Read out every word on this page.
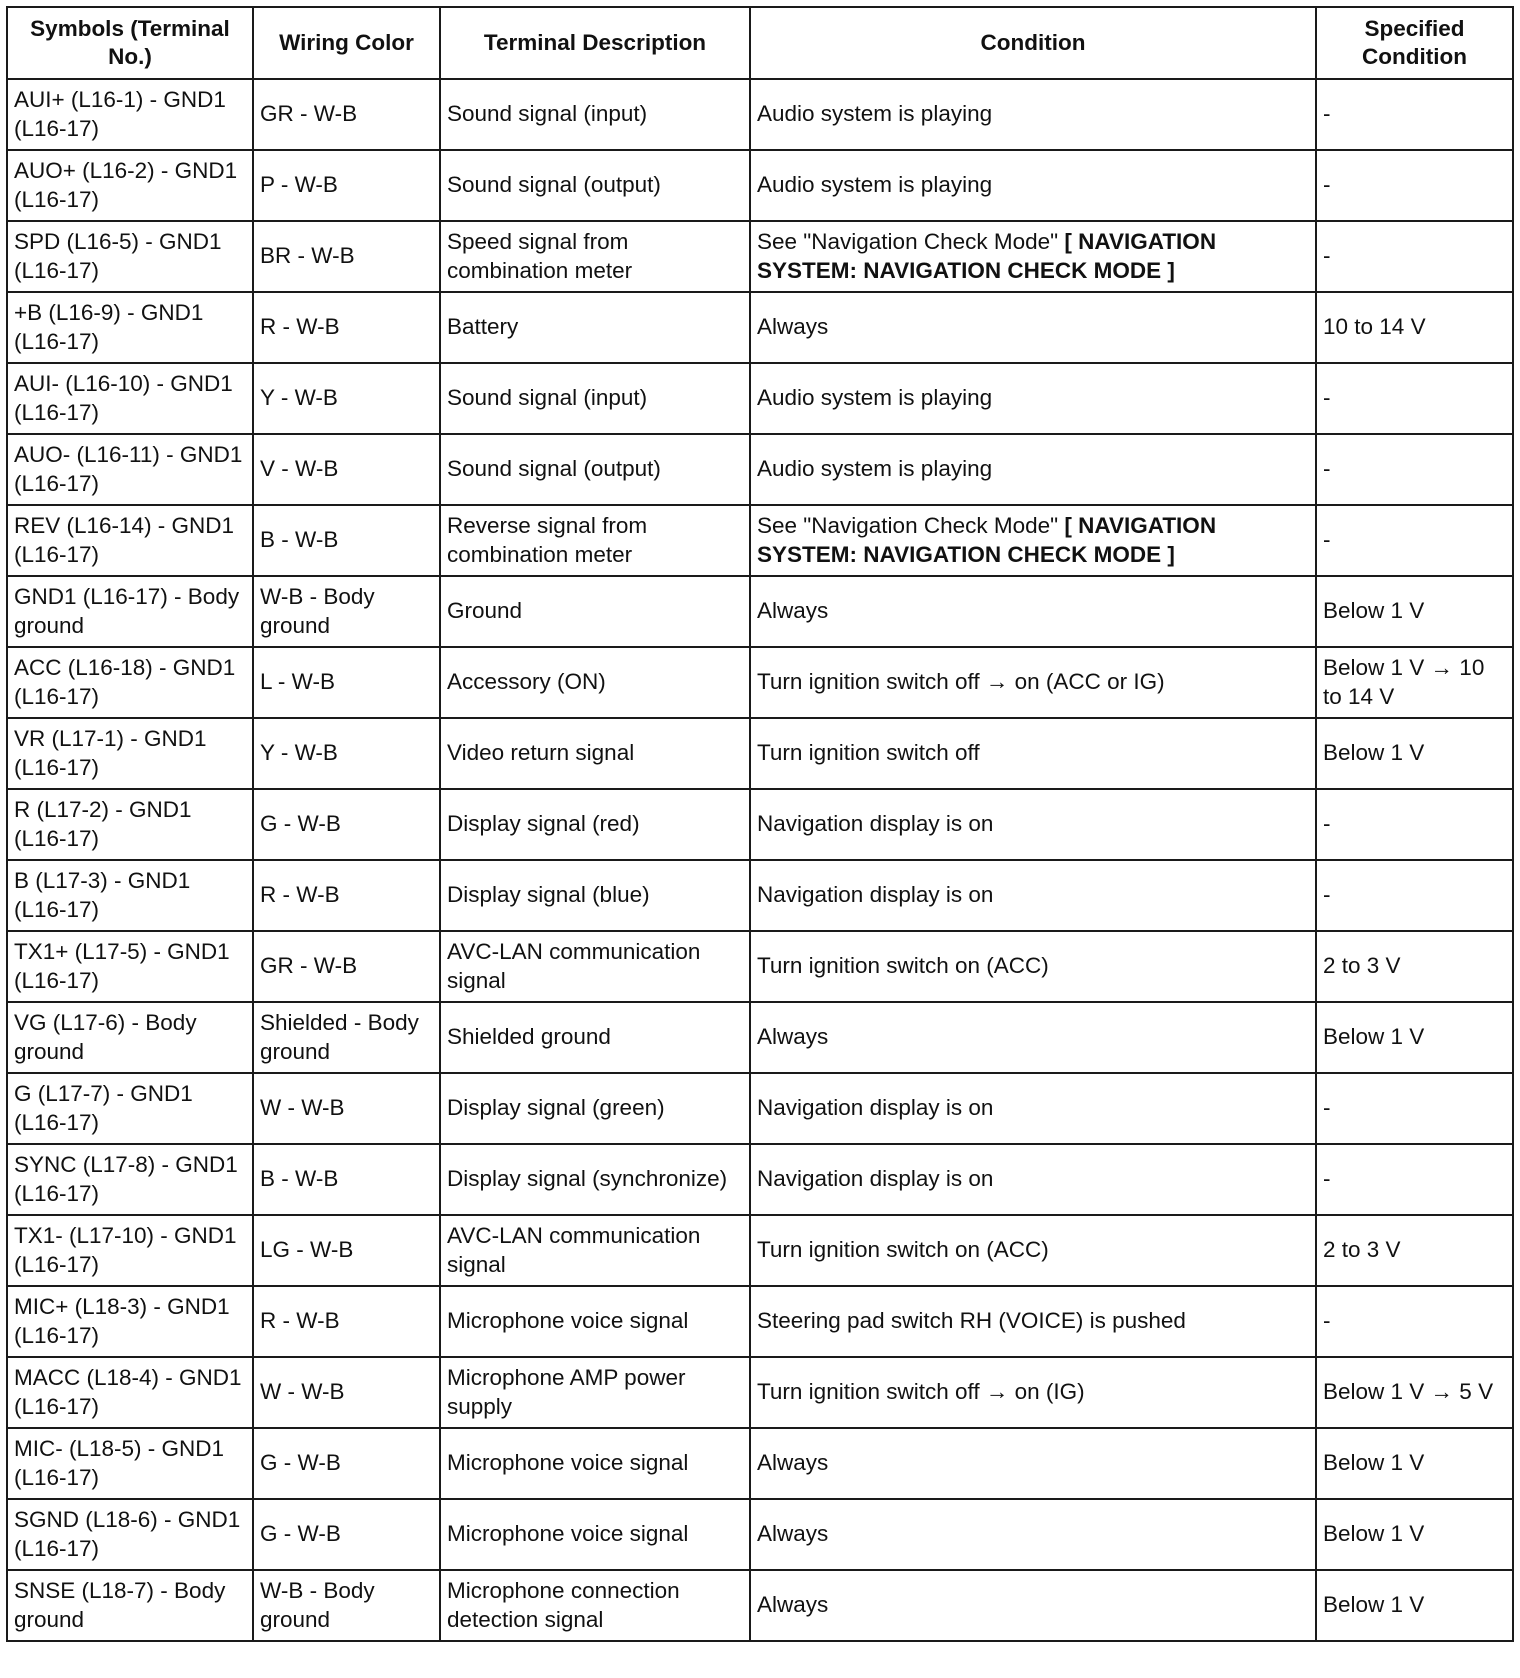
Symbols (Terminal No.)	Wiring Color	Terminal Description	Condition	Specified Condition
AUI+ (L16-1) - GND1 (L16-17)	GR - W-B	Sound signal (input)	Audio system is playing	-
AUO+ (L16-2) - GND1 (L16-17)	P - W-B	Sound signal (output)	Audio system is playing	-
SPD (L16-5) - GND1 (L16-17)	BR - W-B	Speed signal from combination meter	See "Navigation Check Mode" [ NAVIGATION SYSTEM: NAVIGATION CHECK MODE ]	-
+B (L16-9) - GND1 (L16-17)	R - W-B	Battery	Always	10 to 14 V
AUI- (L16-10) - GND1 (L16-17)	Y - W-B	Sound signal (input)	Audio system is playing	-
AUO- (L16-11) - GND1 (L16-17)	V - W-B	Sound signal (output)	Audio system is playing	-
REV (L16-14) - GND1 (L16-17)	B - W-B	Reverse signal from combination meter	See "Navigation Check Mode" [ NAVIGATION SYSTEM: NAVIGATION CHECK MODE ]	-
GND1 (L16-17) - Body ground	W-B - Body ground	Ground	Always	Below 1 V
ACC (L16-18) - GND1 (L16-17)	L - W-B	Accessory (ON)	Turn ignition switch off → on (ACC or IG)	Below 1 V → 10 to 14 V
VR (L17-1) - GND1 (L16-17)	Y - W-B	Video return signal	Turn ignition switch off	Below 1 V
R (L17-2) - GND1 (L16-17)	G - W-B	Display signal (red)	Navigation display is on	-
B (L17-3) - GND1 (L16-17)	R - W-B	Display signal (blue)	Navigation display is on	-
TX1+ (L17-5) - GND1 (L16-17)	GR - W-B	AVC-LAN communication signal	Turn ignition switch on (ACC)	2 to 3 V
VG (L17-6) - Body ground	Shielded - Body ground	Shielded ground	Always	Below 1 V
G (L17-7) - GND1 (L16-17)	W - W-B	Display signal (green)	Navigation display is on	-
SYNC (L17-8) - GND1 (L16-17)	B - W-B	Display signal (synchronize)	Navigation display is on	-
TX1- (L17-10) - GND1 (L16-17)	LG - W-B	AVC-LAN communication signal	Turn ignition switch on (ACC)	2 to 3 V
MIC+ (L18-3) - GND1 (L16-17)	R - W-B	Microphone voice signal	Steering pad switch RH (VOICE) is pushed	-
MACC (L18-4) - GND1 (L16-17)	W - W-B	Microphone AMP power supply	Turn ignition switch off → on (IG)	Below 1 V → 5 V
MIC- (L18-5) - GND1 (L16-17)	G - W-B	Microphone voice signal	Always	Below 1 V
SGND (L18-6) - GND1 (L16-17)	G - W-B	Microphone voice signal	Always	Below 1 V
SNSE (L18-7) - Body ground	W-B - Body ground	Microphone connection detection signal	Always	Below 1 V
